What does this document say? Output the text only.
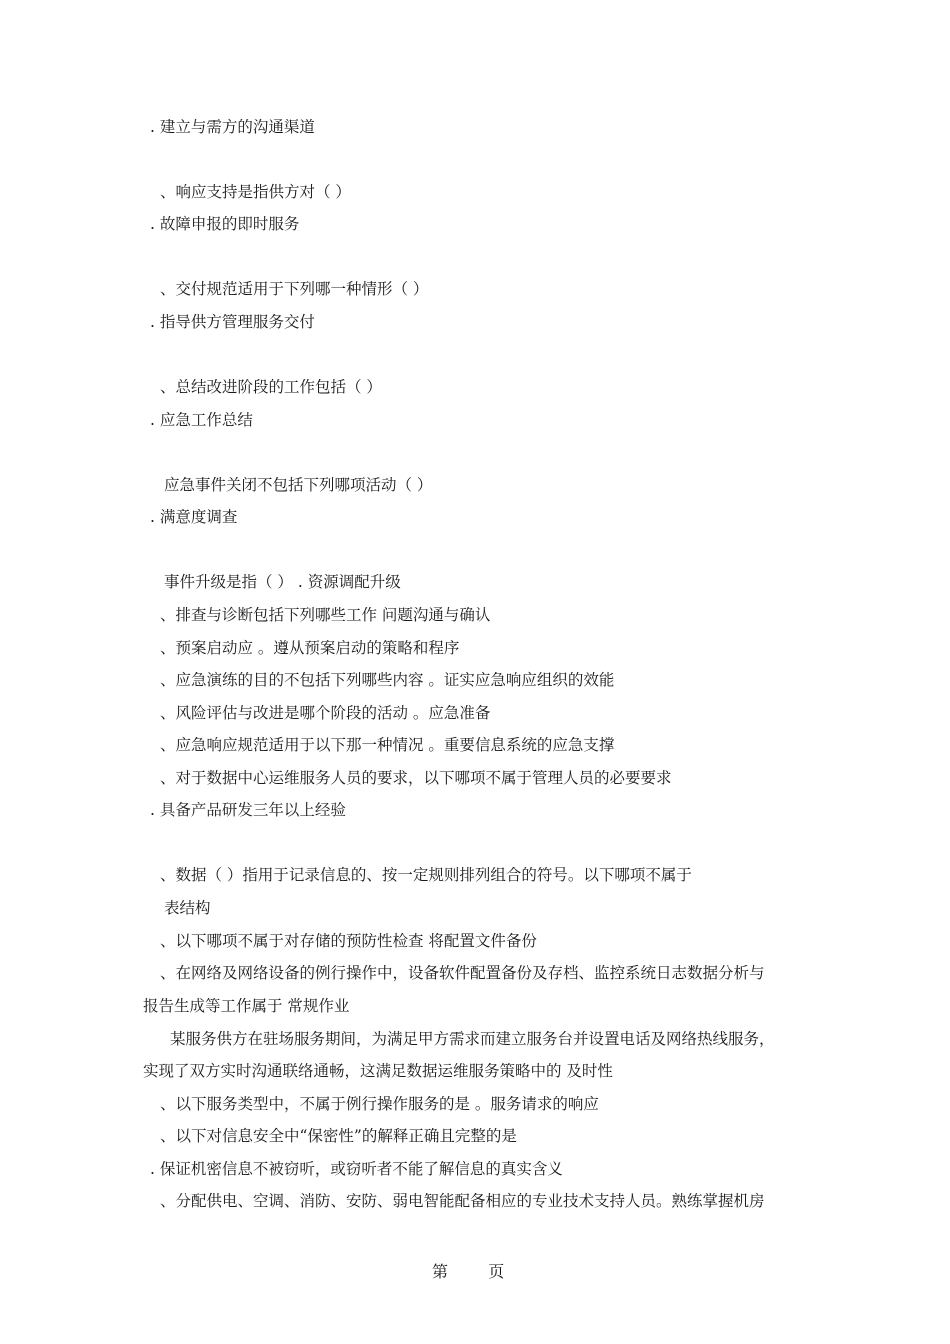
. 建立与需方的沟通渠道
、响应支持是指供方对（ ）
. 故障申报的即时服务
、交付规范适用于下列哪一种情形（ ）
. 指导供方管理服务交付
、总结改进阶段的工作包括（ ）
. 应急工作总结
应急事件关闭不包括下列哪项活动（ ）
. 满意度调查
事件升级是指（ ） . 资源调配升级
、排查与诊断包括下列哪些工作 问题沟通与确认
、预案启动应 。遵从预案启动的策略和程序
、应急演练的目的不包括下列哪些内容 。证实应急响应组织的效能
、风险评估与改进是哪个阶段的活动 。应急准备
、应急响应规范适用于以下那一种情况 。重要信息系统的应急支撑
、对于数据中心运维服务人员的要求，以下哪项不属于管理人员的必要要求
. 具备产品研发三年以上经验
、数据（ ）指用于记录信息的、按一定规则排列组合的符号。以下哪项不属于
表结构
、以下哪项不属于对存储的预防性检查 将配置文件备份
、在网络及网络设备的例行操作中，设备软件配置备份及存档、监控系统日志数据分析与
报告生成等工作属于 常规作业
某服务供方在驻场服务期间，为满足甲方需求而建立服务台并设置电话及网络热线服务，
实现了双方实时沟通联络通畅，这满足数据运维服务策略中的 及时性
、以下服务类型中，不属于例行操作服务的是 。服务请求的响应
、以下对信息安全中“保密性”的解释正确且完整的是
. 保证机密信息不被窃听，或窃听者不能了解信息的真实含义
、分配供电、空调、消防、安防、弱电智能配备相应的专业技术支持人员。熟练掌握机房
第	页
